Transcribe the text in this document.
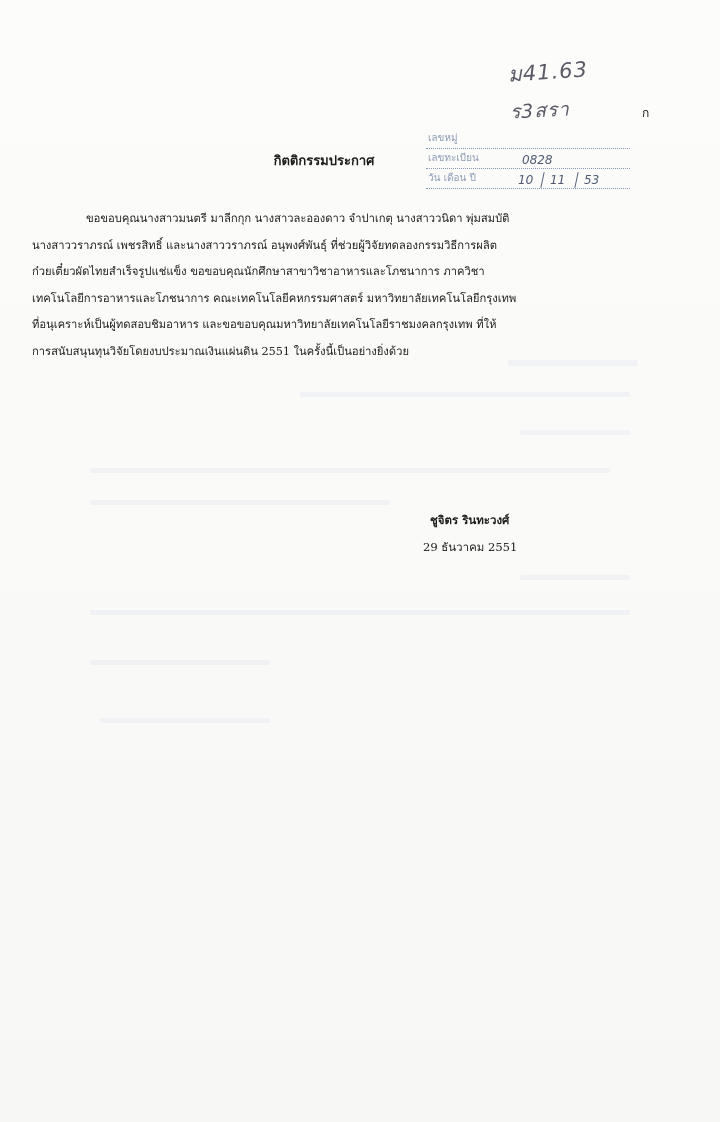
ม41.63
ร3สรา	ก
เลขหมู่
เลขทะเบียน	0828
วัน เดือน ปี	10 11 53
กิตติกรรมประกาศ
ขอขอบคุณนางสาวมนตรี มาลีกกุก นางสาวละอองดาว จำปาเกตุ นางสาววนิดา พุ่มสมบัติ
นางสาววราภรณ์ เพชรสิทธิ์ และนางสาววราภรณ์ อนุพงศ์พันธุ์ ที่ช่วยผู้วิจัยทดลองกรรมวิธีการผลิต
ก๋วยเตี๋ยวผัดไทยสำเร็จรูปแช่แข็ง ขอขอบคุณนักศึกษาสาขาวิชาอาหารและโภชนาการ ภาควิชา
เทคโนโลยีการอาหารและโภชนาการ คณะเทคโนโลยีคหกรรมศาสตร์ มหาวิทยาลัยเทคโนโลยีกรุงเทพ
ที่อนุเคราะห์เป็นผู้ทดสอบชิมอาหาร และขอขอบคุณมหาวิทยาลัยเทคโนโลยีราชมงคลกรุงเทพ ที่ให้
การสนับสนุนทุนวิจัยโดยงบประมาณเงินแผ่นดิน 2551 ในครั้งนี้เป็นอย่างยิ่งด้วย
ชูจิตร รินทะวงศ์
29 ธันวาคม 2551
